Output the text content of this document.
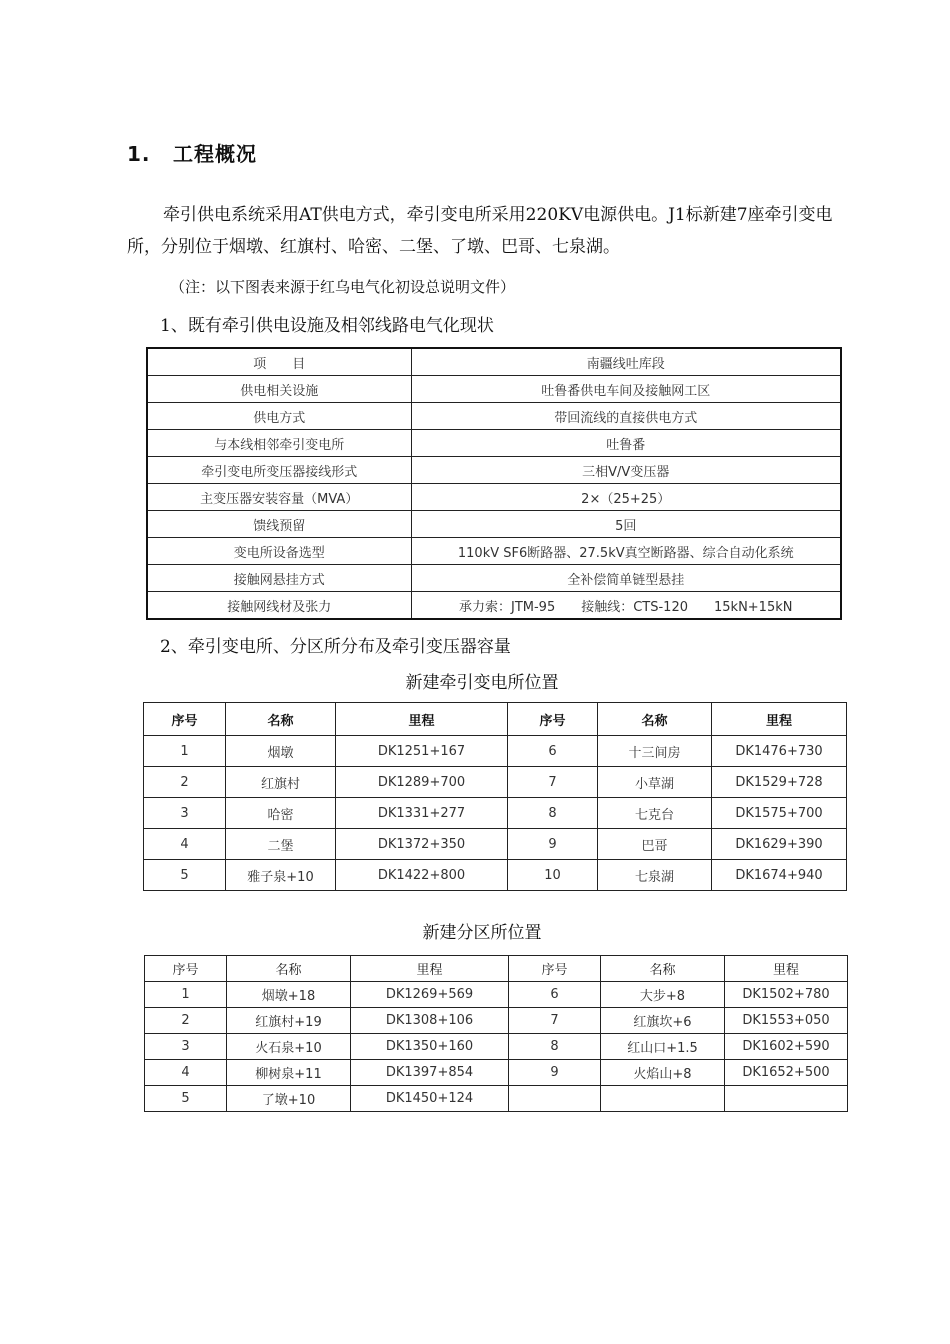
1. 工程概况
牵引供电系统采用AT供电方式，牵引变电所采用220KV电源供电。J1标新建7座牵引变电所，分别位于烟墩、红旗村、哈密、二堡、了墩、巴哥、七泉湖。
（注：以下图表来源于红乌电气化初设总说明文件）
1、既有牵引供电设施及相邻线路电气化现状
项　　目	南疆线吐库段
供电相关设施	吐鲁番供电车间及接触网工区
供电方式	带回流线的直接供电方式
与本线相邻牵引变电所	吐鲁番
牵引变电所变压器接线形式	三相V/V变压器
主变压器安装容量（MVA）	2×（25+25）
馈线预留	5回
变电所设备选型	110kV SF6断路器、27.5kV真空断路器、综合自动化系统
接触网悬挂方式	全补偿简单链型悬挂
接触网线材及张力	承力索：JTM-95　　接触线：CTS-120　　15kN+15kN
2、牵引变电所、分区所分布及牵引变压器容量
新建牵引变电所位置
序号	名称	里程	序号	名称	里程
1	烟墩	DK1251+167	6	十三间房	DK1476+730
2	红旗村	DK1289+700	7	小草湖	DK1529+728
3	哈密	DK1331+277	8	七克台	DK1575+700
4	二堡	DK1372+350	9	巴哥	DK1629+390
5	雅子泉+10	DK1422+800	10	七泉湖	DK1674+940
新建分区所位置
序号	名称	里程	序号	名称	里程
1	烟墩+18	DK1269+569	6	大步+8	DK1502+780
2	红旗村+19	DK1308+106	7	红旗坎+6	DK1553+050
3	火石泉+10	DK1350+160	8	红山口+1.5	DK1602+590
4	柳树泉+11	DK1397+854	9	火焰山+8	DK1652+500
5	了墩+10	DK1450+124			
